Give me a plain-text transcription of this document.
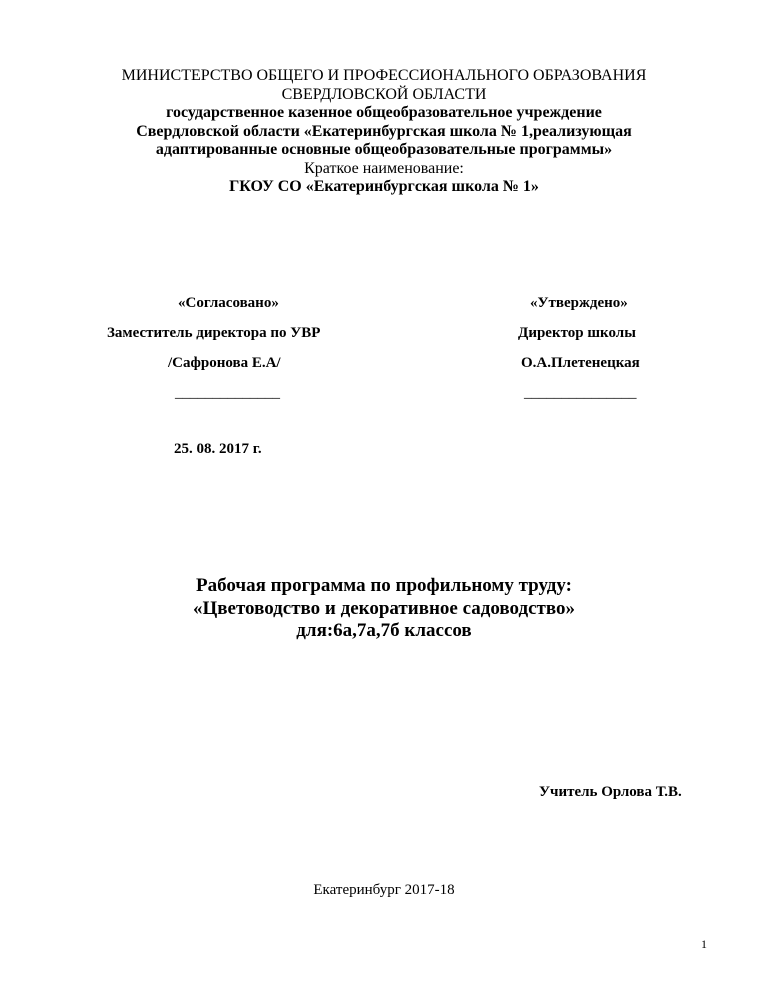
МИНИСТЕРСТВО ОБЩЕГО И ПРОФЕССИОНАЛЬНОГО ОБРАЗОВАНИЯ
СВЕРДЛОВСКОЙ ОБЛАСТИ
государственное казенное общеобразовательное учреждение
Свердловской области «Екатеринбургская школа № 1,реализующая
адаптированные основные общеобразовательные программы»
Краткое наименование:
ГКОУ СО «Екатеринбургская школа № 1»
«Согласовано»
Заместитель директора по УВР
/Сафронова Е.А/
______________
25. 08. 2017 г.
«Утверждено»
Директор школы
О.А.Плетенецкая
_______________
Рабочая программа по профильному труду:
«Цветоводство и декоративное садоводство»
для:6а,7а,7б классов
Учитель Орлова Т.В.
Екатеринбург 2017-18
1
